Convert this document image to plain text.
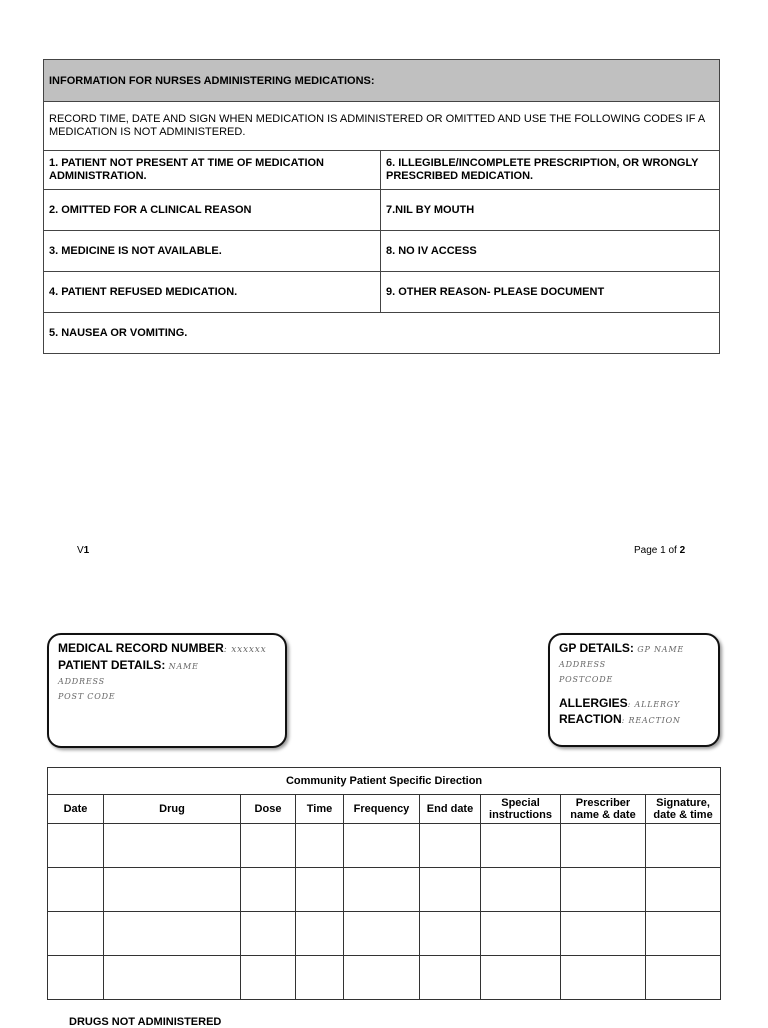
INFORMATION FOR NURSES ADMINISTERING MEDICATIONS:	
RECORD TIME, DATE AND SIGN WHEN MEDICATION IS ADMINISTERED OR OMITTED AND USE THE FOLLOWING CODES IF A MEDICATION IS NOT ADMINISTERED.	
1. PATIENT NOT PRESENT AT TIME OF MEDICATION ADMINISTRATION.	6. ILLEGIBLE/INCOMPLETE PRESCRIPTION, OR WRONGLY PRESCRIBED MEDICATION.
2. OMITTED FOR A CLINICAL REASON	7.NIL BY MOUTH
3. MEDICINE IS NOT AVAILABLE.	8. NO IV ACCESS
4. PATIENT REFUSED MEDICATION.	9. OTHER REASON- PLEASE DOCUMENT
5. NAUSEA OR VOMITING.	
V1	Page 1 of 2
MEDICAL RECORD NUMBER: xxxxxx
PATIENT DETAILS: NAME
ADDRESS
POST CODE
GP DETAILS: GP NAME
ADDRESS
POSTCODE
ALLERGIES: ALLERGY
REACTION: REACTION
Community Patient Specific Direction								
Date	Drug	Dose	Time	Frequency	End date	Special
instructions	Prescriber
name & date	Signature,
date & time

DRUGS NOT ADMINISTERED
